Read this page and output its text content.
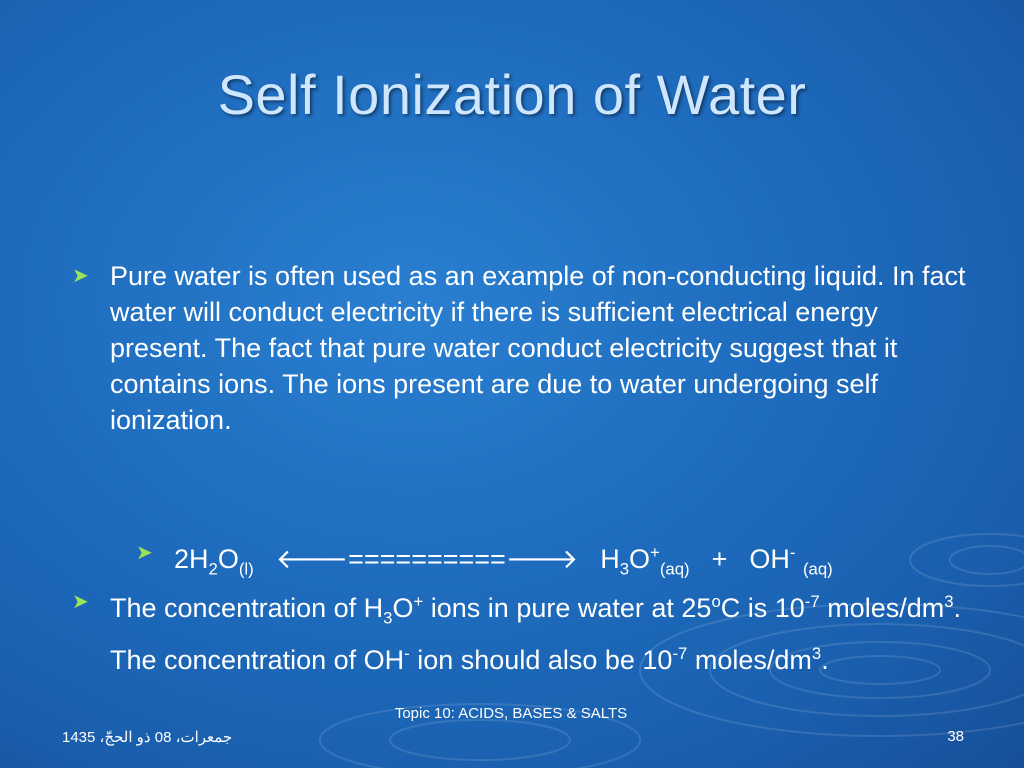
Self Ionization of Water
➤ Pure water is often used as an example of non-conducting liquid. In fact water will conduct electricity if there is sufficient electrical energy present. The fact that pure water conduct electricity suggest that it contains ions. The ions present are due to water undergoing self ionization.
➤ $2H_2O_{(l)}$ 🡐==========🡒 $H_3O^+_{(aq)} + OH^-$ $_{(aq)}$
➤ The concentration of $H_3O^+$ ions in pure water at 25$^o$C is $10^{-7}$ moles/$dm^3$. The concentration of OH- ion should also be $10^{-7}$ moles/$dm^3$.
جمعرات، 08 ذو الحجّ، 1435
Topic 10: ACIDS, BASES & SALTS
38
